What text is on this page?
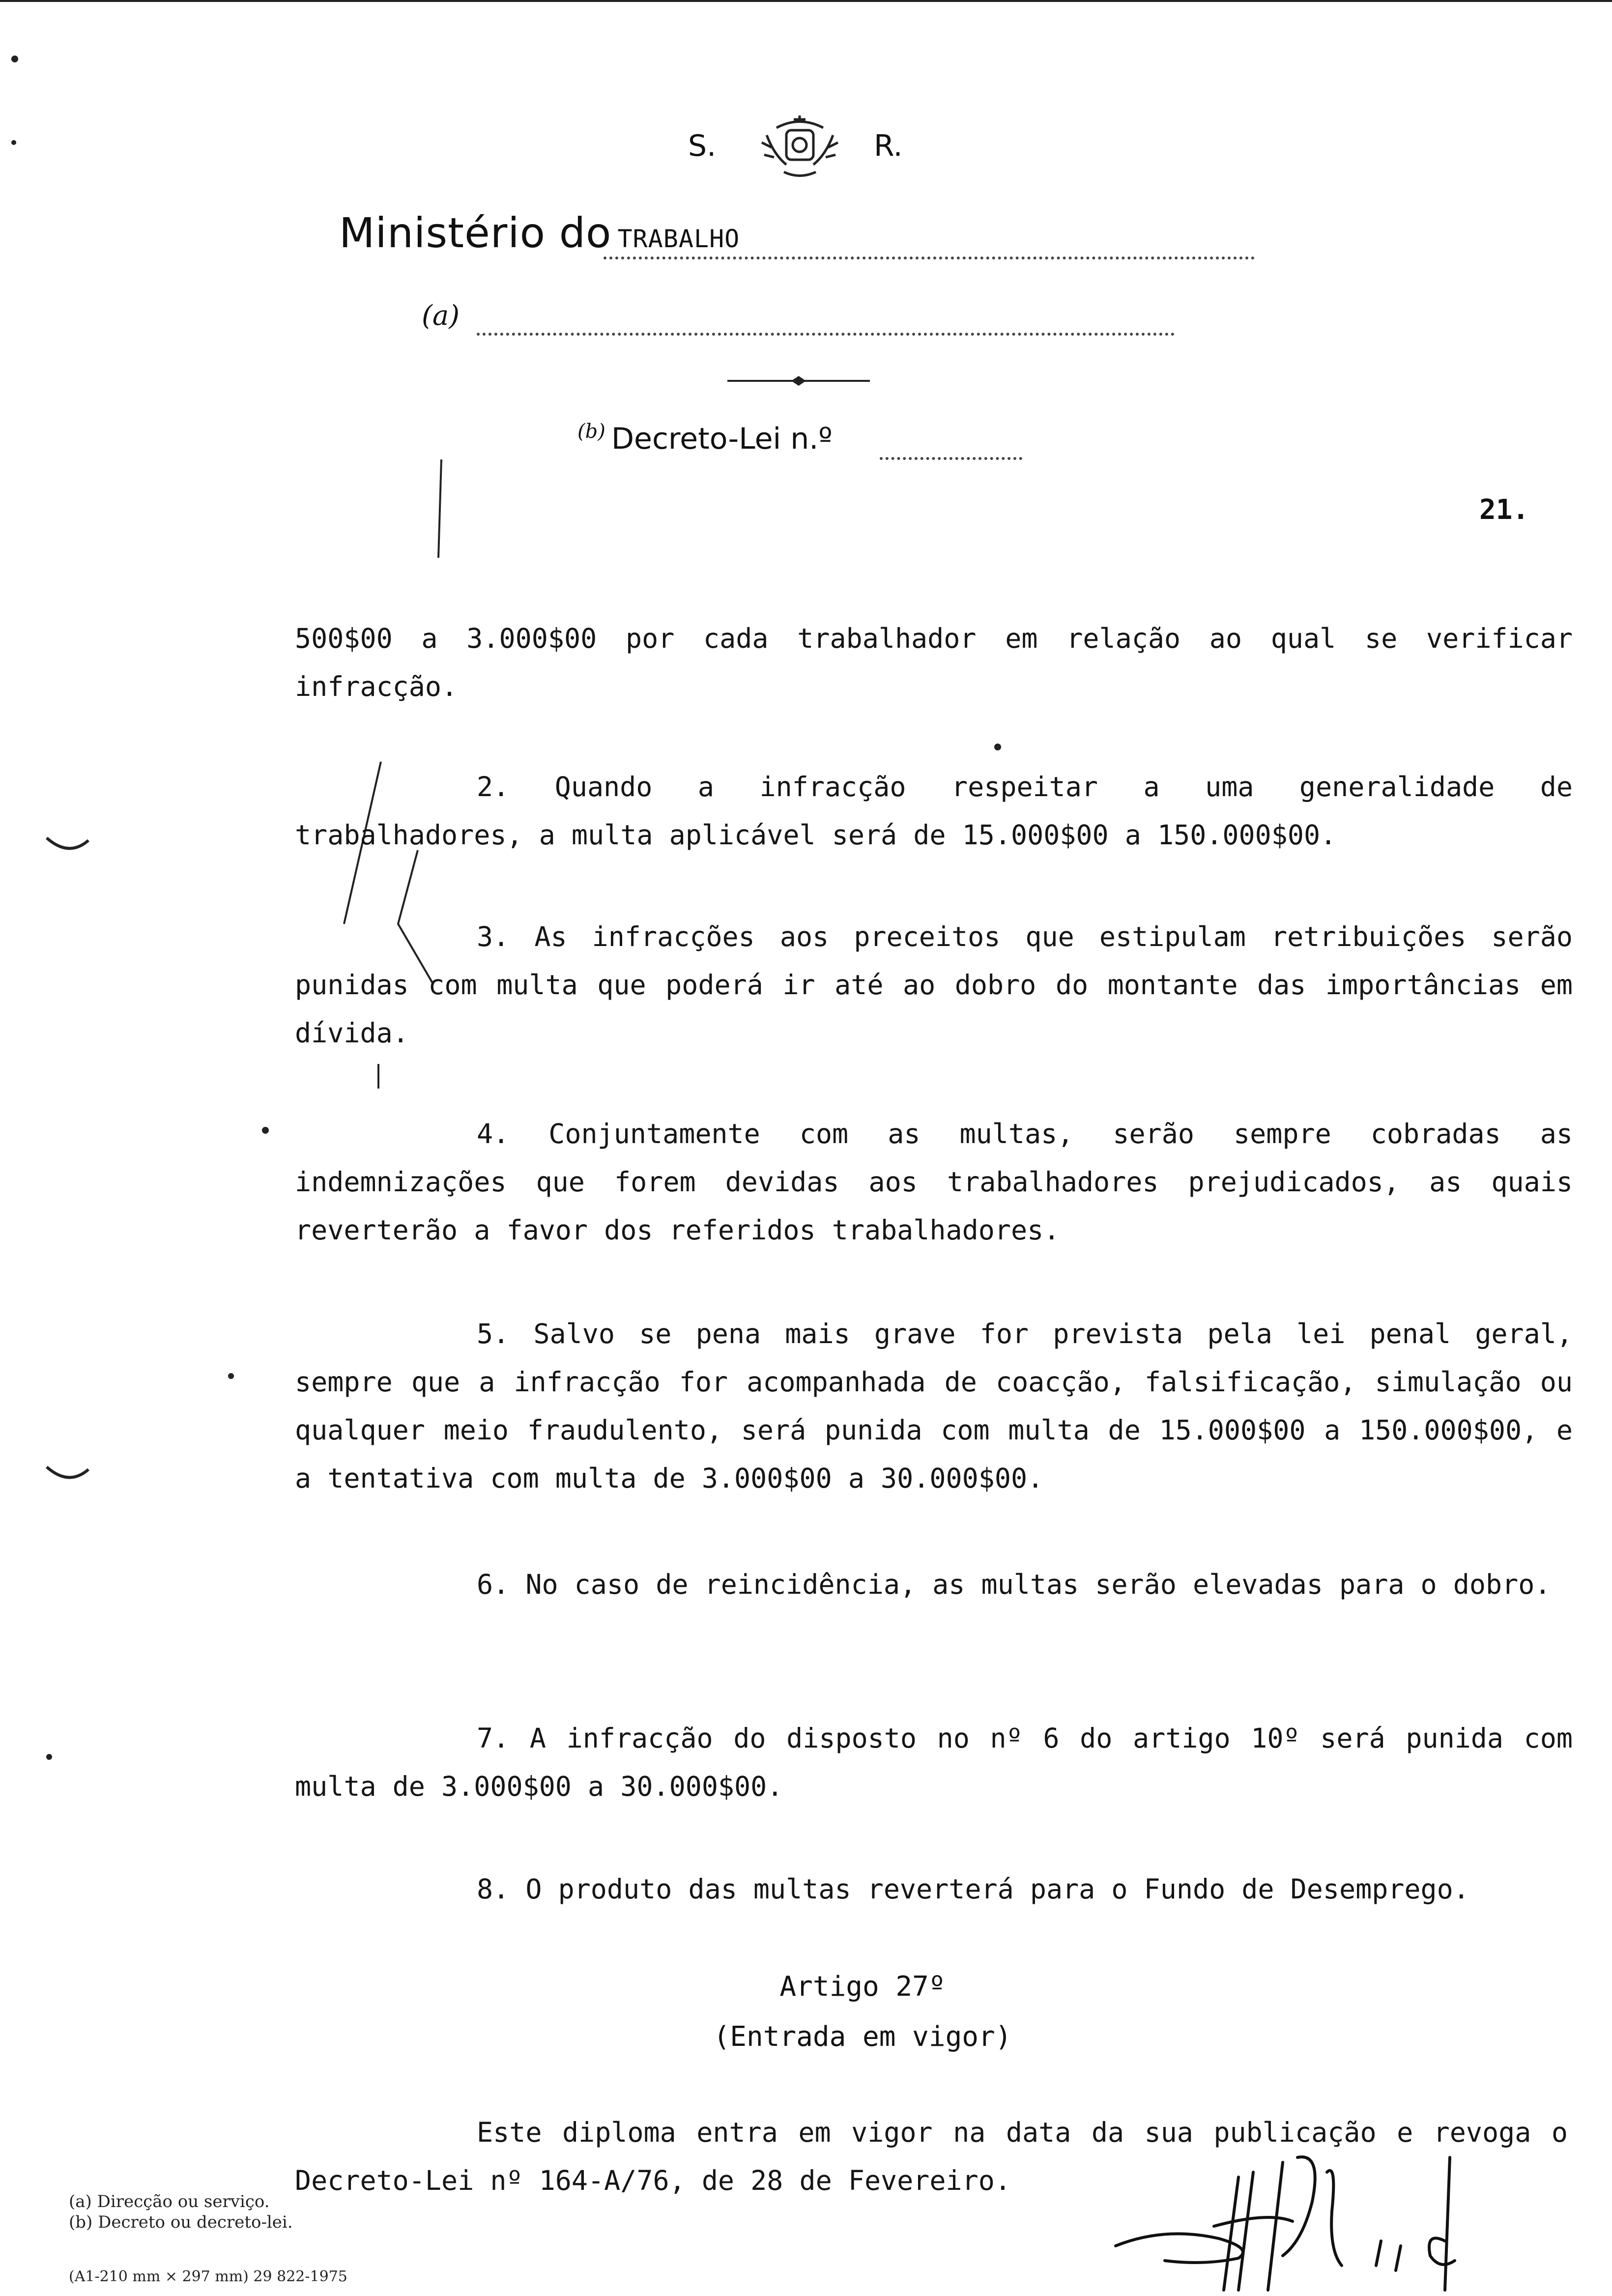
S.	R.
Ministério do TRABALHO
(a)
$^{(b)}$ Decreto-Lei n.º
21.

500$00 a 3.000$00 por cada trabalhador em relação ao qual se verificar infracção.

2. Quando a infracção respeitar a uma generalidade de trabalhadores, a multa aplicável será de 15.000$00 a 150.000$00.

3. As infracções aos preceitos que estipulam retribuições serão punidas com multa que poderá ir até ao dobro do montante das importâncias em dívida.

4. Conjuntamente com as multas, serão sempre cobradas as indemnizações que forem devidas aos trabalhadores prejudicados, as quais reverterão a favor dos referidos trabalhadores.

5. Salvo se pena mais grave for prevista pela lei penal geral, sempre que a infracção for acompanhada de coacção, falsificação, simulação ou qualquer meio fraudulento, será punida com multa de 15.000$00 a 150.000$00, e a tentativa com multa de 3.000$00 a 30.000$00.

6. No caso de reincidência, as multas serão elevadas para o dobro.

7. A infracção do disposto no nº 6 do artigo 10º será punida com multa de 3.000$00 a 30.000$00.

8. O produto das multas reverterá para o Fundo de Desemprego.

Artigo 27º

(Entrada em vigor)

Este diploma entra em vigor na data da sua publicação e revoga o Decreto-Lei nº 164-A/76, de 28 de Fevereiro.

(a) Direcção ou serviço.
(b) Decreto ou decreto-lei.
(A1-210 mm × 297 mm) 29 822-1975
